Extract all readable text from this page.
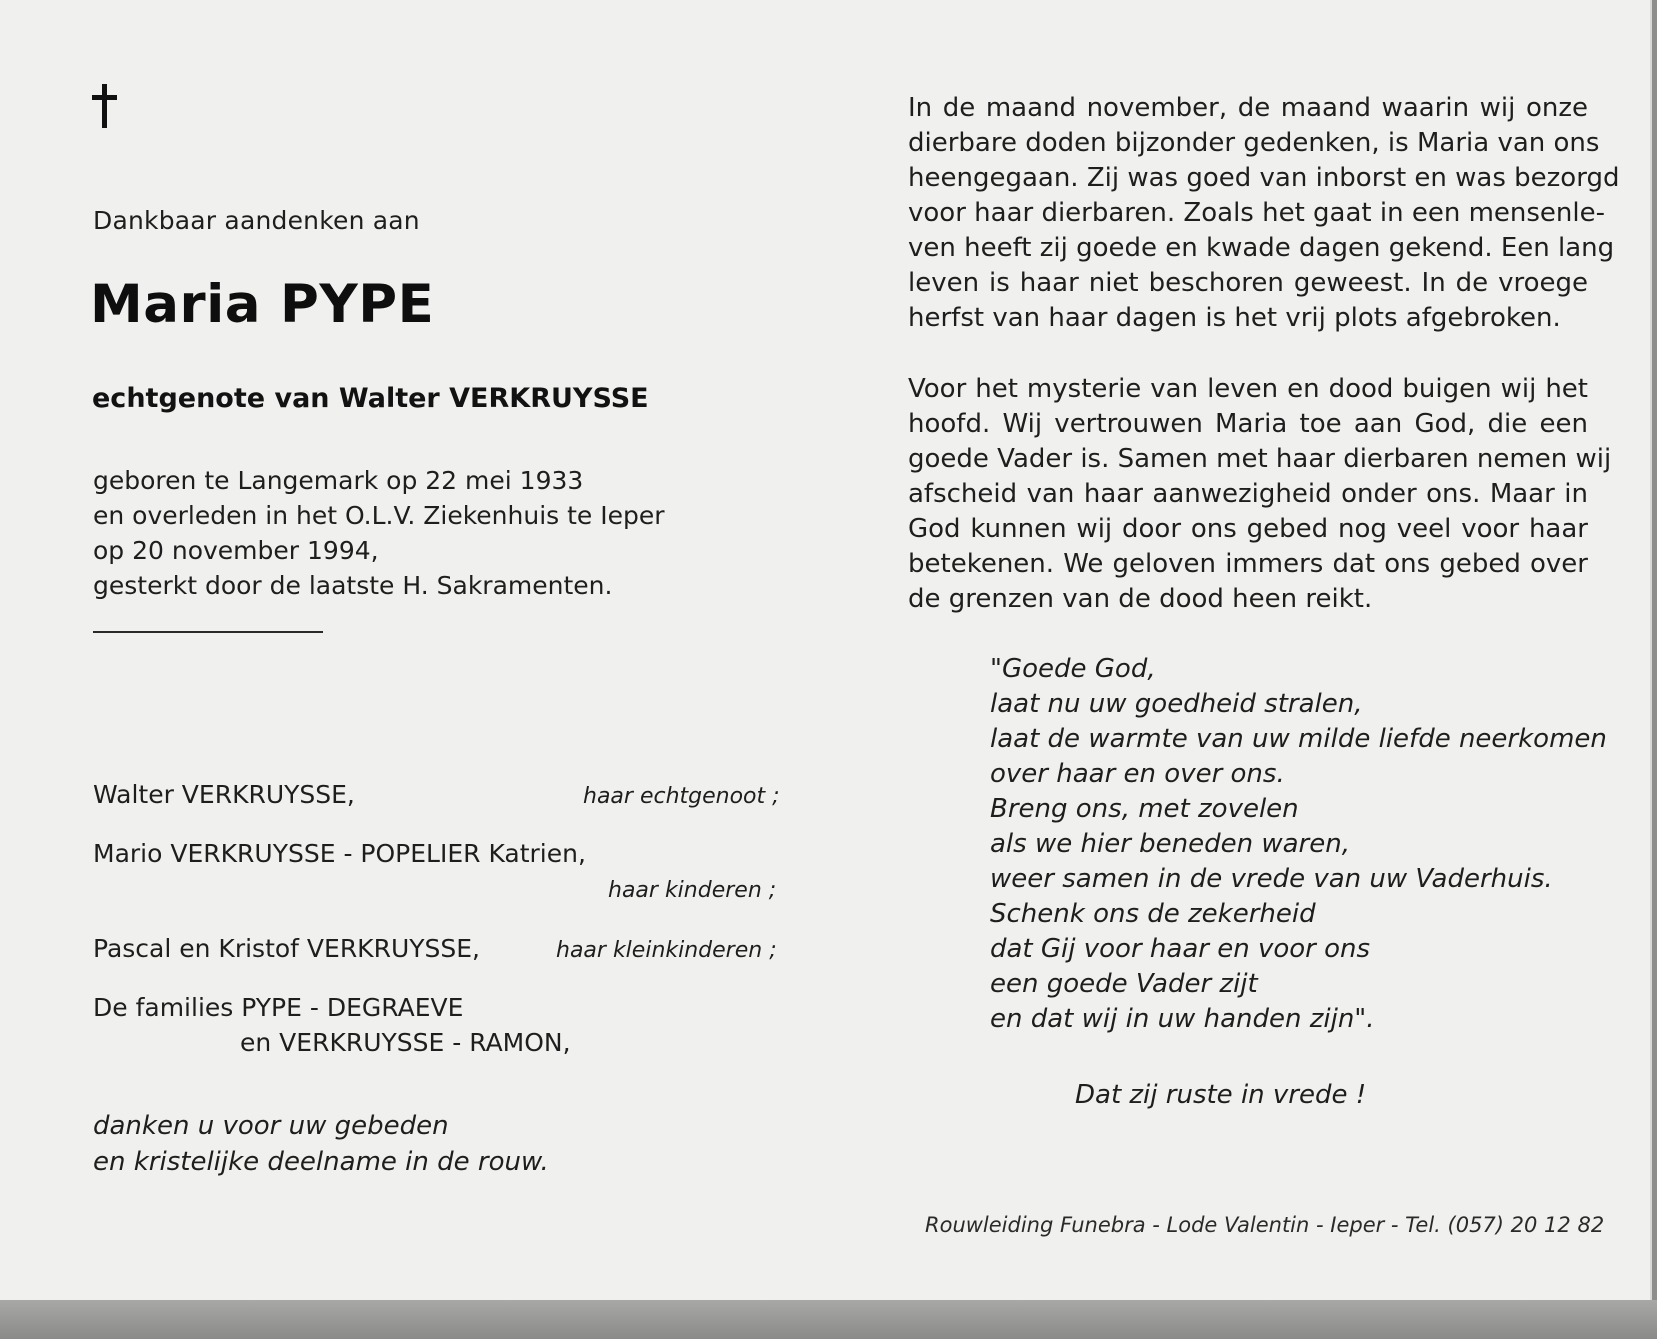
Dankbaar aandenken aan
Maria PYPE
echtgenote van Walter VERKRUYSSE
geboren te Langemark op 22 mei 1933
en overleden in het O.L.V. Ziekenhuis te Ieper
op 20 november 1994,
gesterkt door de laatste H. Sakramenten.
Walter VERKRUYSSE,	haar echtgenoot ;
Mario VERKRUYSSE - POPELIER Katrien,
haar kinderen ;
Pascal en Kristof VERKRUYSSE,	haar kleinkinderen ;
De families PYPE - DEGRAEVE
en VERKRUYSSE - RAMON,
danken u voor uw gebeden
en kristelijke deelname in de rouw.
In de maand november, de maand waarin wij onze
dierbare doden bijzonder gedenken, is Maria van ons
heengegaan. Zij was goed van inborst en was bezorgd
voor haar dierbaren. Zoals het gaat in een mensenle-
ven heeft zij goede en kwade dagen gekend. Een lang
leven is haar niet beschoren geweest. In de vroege
herfst van haar dagen is het vrij plots afgebroken.
Voor het mysterie van leven en dood buigen wij het
hoofd. Wij vertrouwen Maria toe aan God, die een
goede Vader is. Samen met haar dierbaren nemen wij
afscheid van haar aanwezigheid onder ons. Maar in
God kunnen wij door ons gebed nog veel voor haar
betekenen. We geloven immers dat ons gebed over
de grenzen van de dood heen reikt.
"Goede God,
laat nu uw goedheid stralen,
laat de warmte van uw milde liefde neerkomen
over haar en over ons.
Breng ons, met zovelen
als we hier beneden waren,
weer samen in de vrede van uw Vaderhuis.
Schenk ons de zekerheid
dat Gij voor haar en voor ons
een goede Vader zijt
en dat wij in uw handen zijn".
Dat zij ruste in vrede !
Rouwleiding Funebra - Lode Valentin - Ieper - Tel. (057) 20 12 82
